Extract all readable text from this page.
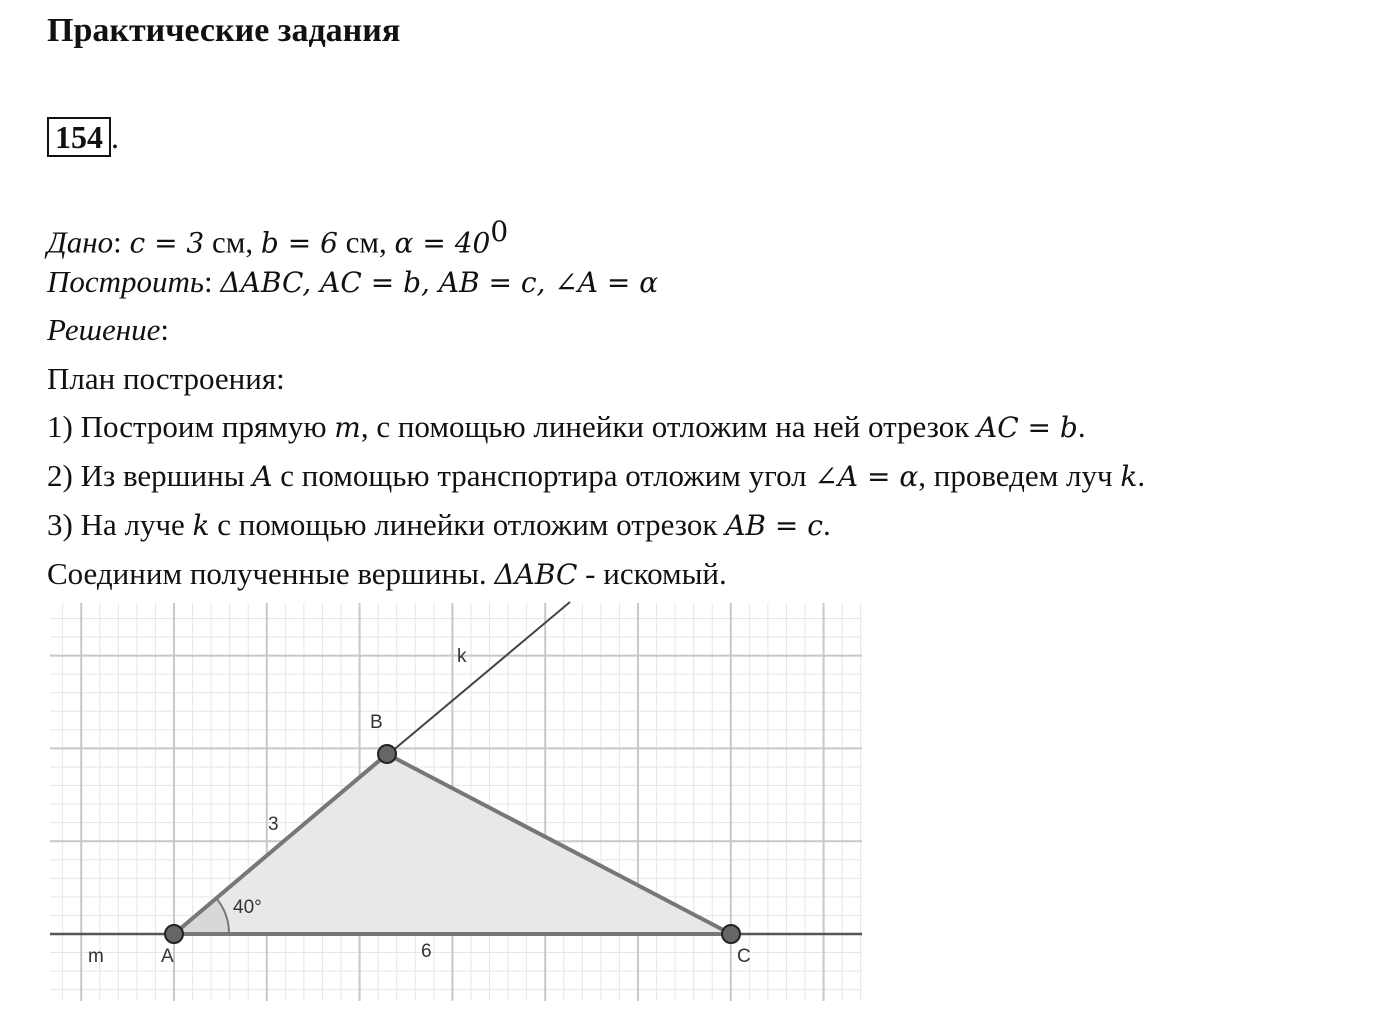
Практические задания
154 .
Дано: c = 3 см, b = 6 см, $\alpha = 40^0$
Построить: ΔABC, AC = b, AB = c, ∠A = α
Решение:
План построения:
1) Построим прямую m, с помощью линейки отложим на ней отрезок AC = b.
2) Из вершины A с помощью транспортира отложим угол ∠A = α, проведем луч k.
3) На луче k с помощью линейки отложим отрезок AB = c.
Соединим полученные вершины. ΔABC - искомый.
k
B
3
40°
m	A	6	C
